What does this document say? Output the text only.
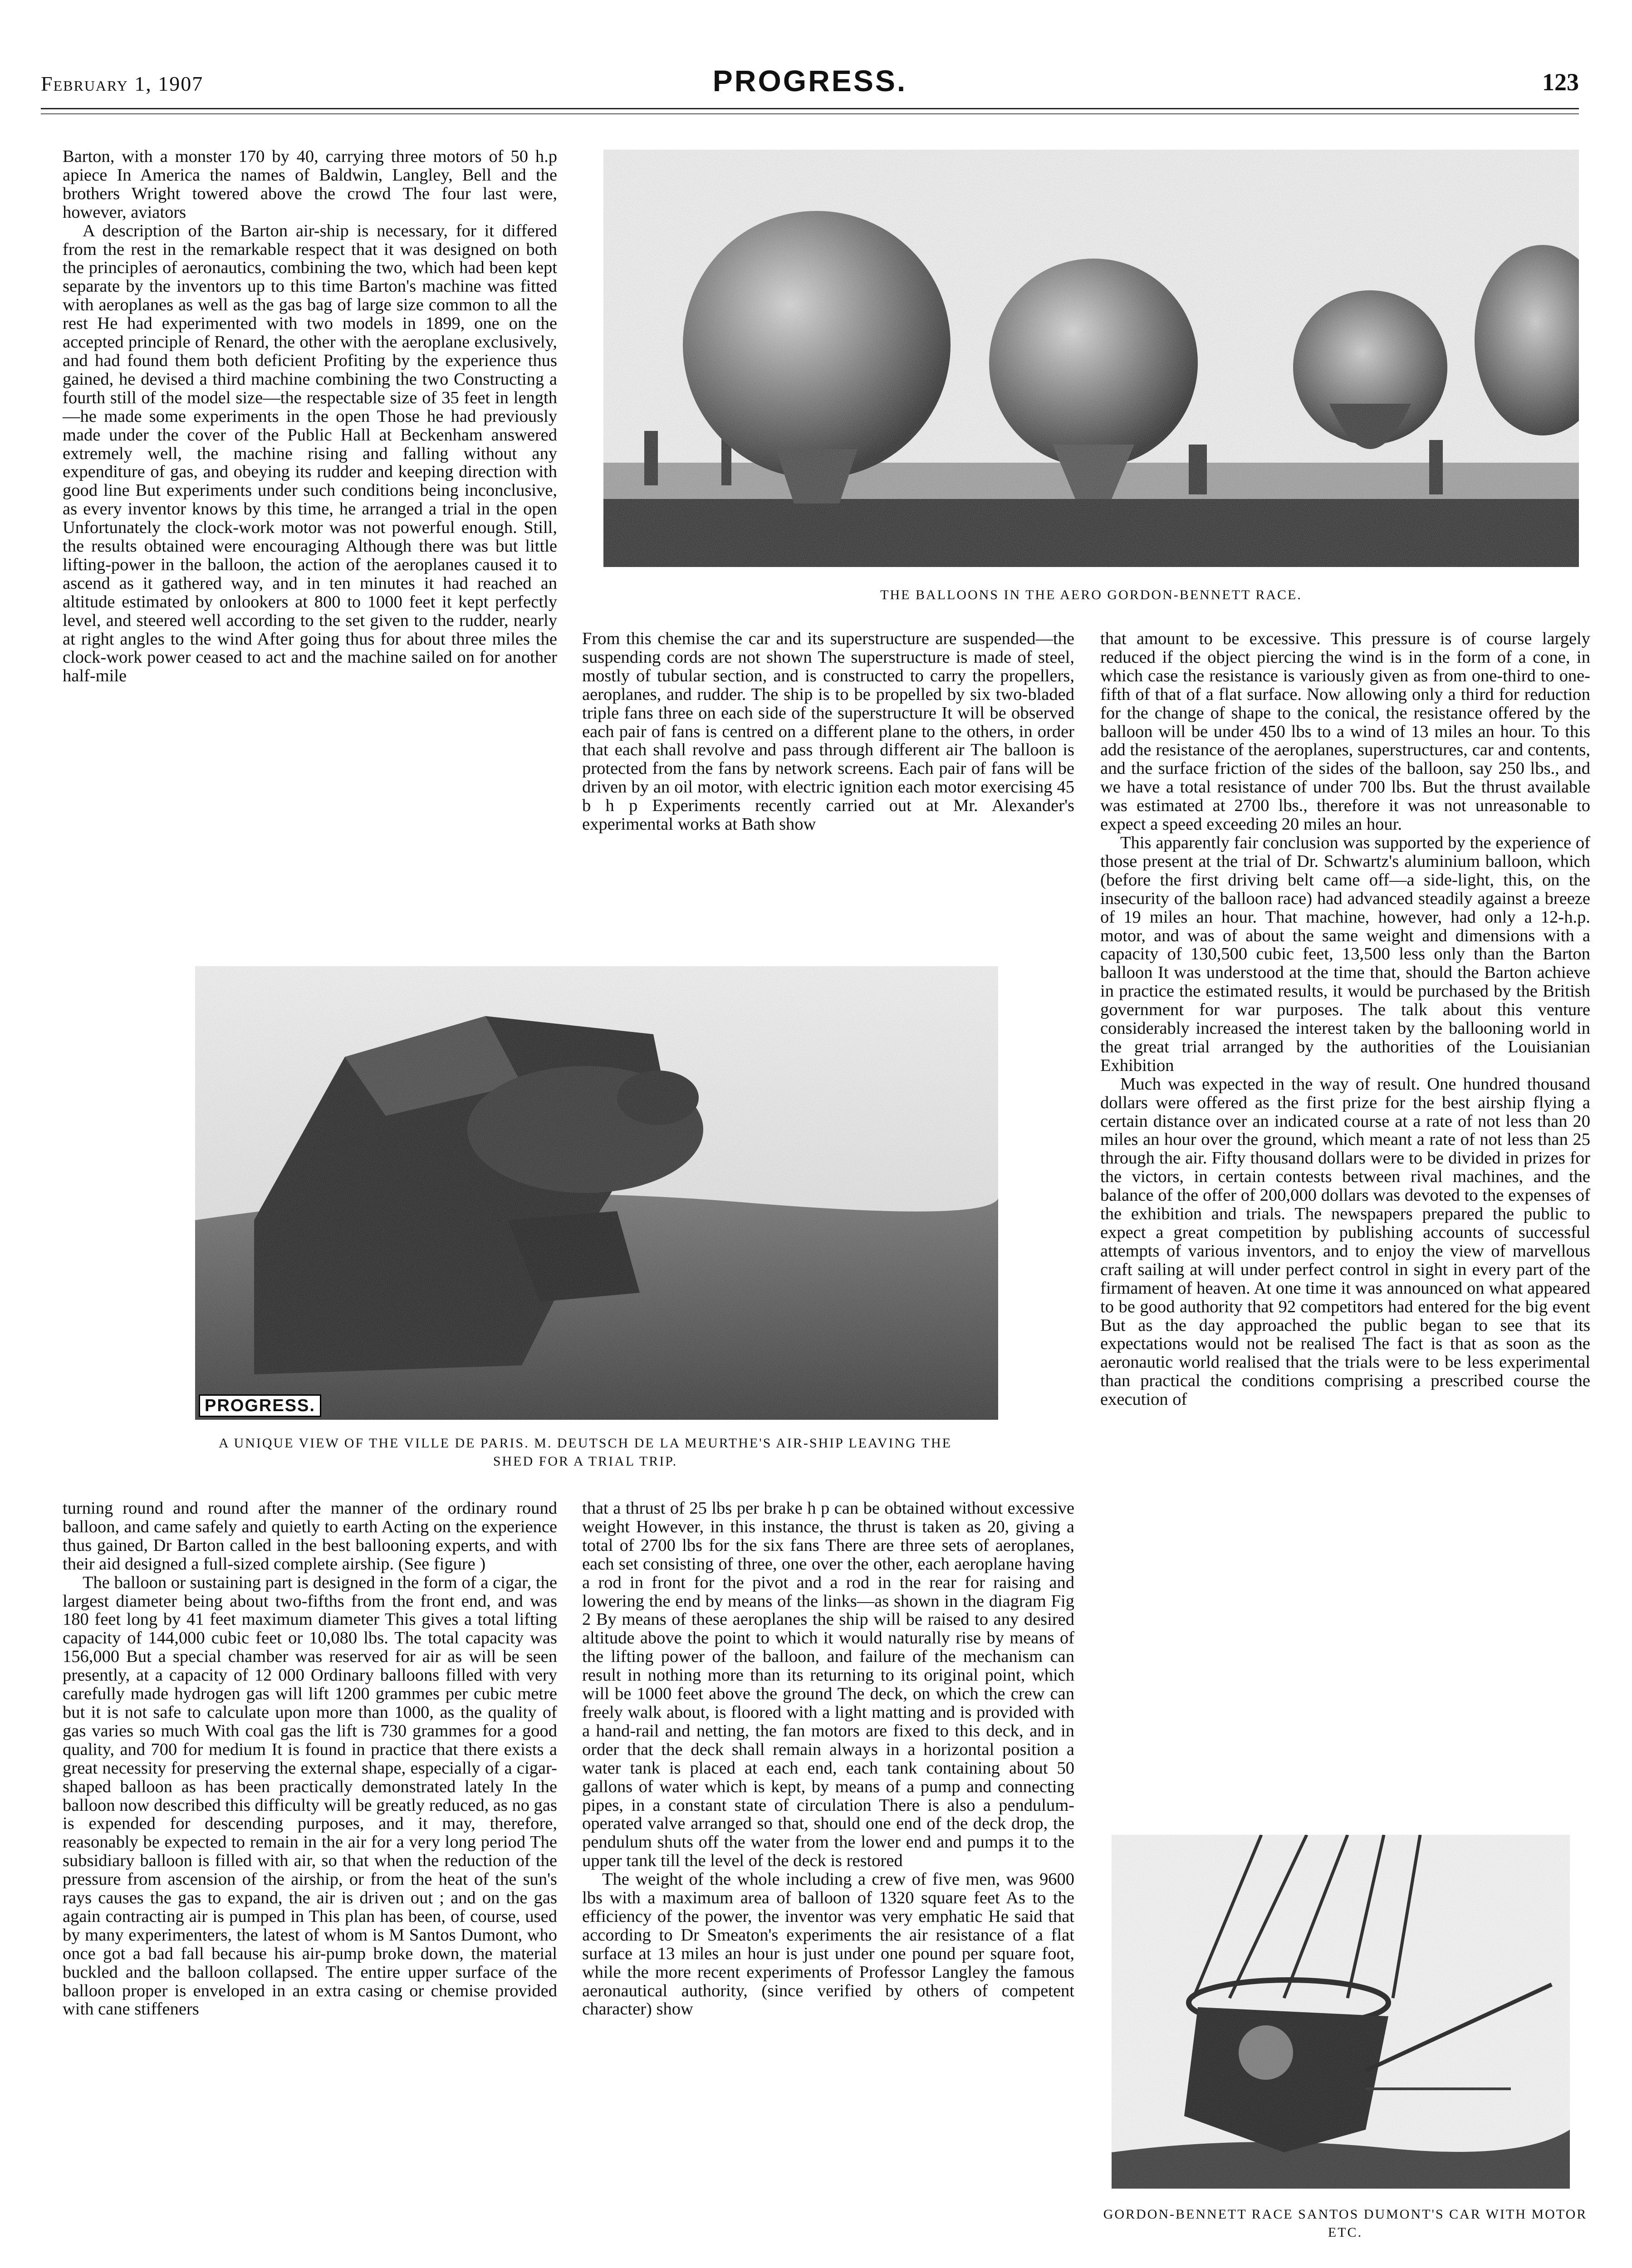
February 1, 1907	PROGRESS.	123
THE BALLOONS IN THE AERO GORDON-BENNETT RACE.

Barton, with a monster 170 by 40, carrying three motors of 50 h.p apiece In America the names of Baldwin, Langley, Bell and the brothers Wright towered above the crowd The four last were, however, aviators

A description of the Barton air-ship is necessary, for it differed from the rest in the remarkable respect that it was designed on both the principles of aeronautics, combining the two, which had been kept separate by the inventors up to this time Barton's machine was fitted with aeroplanes as well as the gas bag of large size common to all the rest He had experimented with two models in 1899, one on the accepted principle of Renard, the other with the aeroplane exclusively, and had found them both deficient Profiting by the experience thus gained, he devised a third machine combining the two Constructing a fourth still of the model size—the respectable size of 35 feet in length—he made some experiments in the open Those he had previously made under the cover of the Public Hall at Beckenham answered extremely well, the machine rising and falling without any expenditure of gas, and obeying its rudder and keeping direction with good line But experiments under such conditions being inconclusive, as every inventor knows by this time, he arranged a trial in the open Unfortunately the clock-work motor was not powerful enough. Still, the results obtained were encouraging Although there was but little lifting-power in the balloon, the action of the aeroplanes caused it to ascend as it gathered way, and in ten minutes it had reached an altitude estimated by onlookers at 800 to 1000 feet it kept perfectly level, and steered well according to the set given to the rudder, nearly at right angles to the wind After going thus for about three miles the clock-work power ceased to act and the machine sailed on for another half-mile

From this chemise the car and its superstructure are suspended—the suspending cords are not shown The superstructure is made of steel, mostly of tubular section, and is constructed to carry the propellers, aeroplanes, and rudder. The ship is to be propelled by six two-bladed triple fans three on each side of the superstructure It will be observed each pair of fans is centred on a different plane to the others, in order that each shall revolve and pass through different air The balloon is protected from the fans by network screens. Each pair of fans will be driven by an oil motor, with electric ignition each motor exercising 45 b h p Experiments recently carried out at Mr. Alexander's experimental works at Bath show

PROGRESS.
A UNIQUE VIEW OF THE VILLE DE PARIS. M. DEUTSCH DE LA MEURTHE'S AIR-SHIP LEAVING THE SHED FOR A TRIAL TRIP.

turning round and round after the manner of the ordinary round balloon, and came safely and quietly to earth Acting on the experience thus gained, Dr Barton called in the best ballooning experts, and with their aid designed a full-sized complete airship. (See figure )

The balloon or sustaining part is designed in the form of a cigar, the largest diameter being about two-fifths from the front end, and was 180 feet long by 41 feet maximum diameter This gives a total lifting capacity of 144,000 cubic feet or 10,080 lbs. The total capacity was 156,000 But a special chamber was reserved for air as will be seen presently, at a capacity of 12 000 Ordinary balloons filled with very carefully made hydrogen gas will lift 1200 grammes per cubic metre but it is not safe to calculate upon more than 1000, as the quality of gas varies so much With coal gas the lift is 730 grammes for a good quality, and 700 for medium It is found in practice that there exists a great necessity for preserving the external shape, especially of a cigar-shaped balloon as has been practically demonstrated lately In the balloon now described this difficulty will be greatly reduced, as no gas is expended for descending purposes, and it may, therefore, reasonably be expected to remain in the air for a very long period The subsidiary balloon is filled with air, so that when the reduction of the pressure from ascension of the airship, or from the heat of the sun's rays causes the gas to expand, the air is driven out ; and on the gas again contracting air is pumped in This plan has been, of course, used by many experimenters, the latest of whom is M Santos Dumont, who once got a bad fall because his air-pump broke down, the material buckled and the balloon collapsed. The entire upper surface of the balloon proper is enveloped in an extra casing or chemise provided with cane stiffeners

that a thrust of 25 lbs per brake h p can be obtained without excessive weight However, in this instance, the thrust is taken as 20, giving a total of 2700 lbs for the six fans There are three sets of aeroplanes, each set consisting of three, one over the other, each aeroplane having a rod in front for the pivot and a rod in the rear for raising and lowering the end by means of the links—as shown in the diagram Fig 2 By means of these aeroplanes the ship will be raised to any desired altitude above the point to which it would naturally rise by means of the lifting power of the balloon, and failure of the mechanism can result in nothing more than its returning to its original point, which will be 1000 feet above the ground The deck, on which the crew can freely walk about, is floored with a light matting and is provided with a hand-rail and netting, the fan motors are fixed to this deck, and in order that the deck shall remain always in a horizontal position a water tank is placed at each end, each tank containing about 50 gallons of water which is kept, by means of a pump and connecting pipes, in a constant state of circulation There is also a pendulum-operated valve arranged so that, should one end of the deck drop, the pendulum shuts off the water from the lower end and pumps it to the upper tank till the level of the deck is restored

The weight of the whole including a crew of five men, was 9600 lbs with a maximum area of balloon of 1320 square feet As to the efficiency of the power, the inventor was very emphatic He said that according to Dr Smeaton's experiments the air resistance of a flat surface at 13 miles an hour is just under one pound per square foot, while the more recent experiments of Professor Langley the famous aeronautical authority, (since verified by others of competent character) show

that amount to be excessive. This pressure is of course largely reduced if the object piercing the wind is in the form of a cone, in which case the resistance is variously given as from one-third to one-fifth of that of a flat surface. Now allowing only a third for reduction for the change of shape to the conical, the resistance offered by the balloon will be under 450 lbs to a wind of 13 miles an hour. To this add the resistance of the aeroplanes, superstructures, car and contents, and the surface friction of the sides of the balloon, say 250 lbs., and we have a total resistance of under 700 lbs. But the thrust available was estimated at 2700 lbs., therefore it was not unreasonable to expect a speed exceeding 20 miles an hour.

This apparently fair conclusion was supported by the experience of those present at the trial of Dr. Schwartz's aluminium balloon, which (before the first driving belt came off—a side-light, this, on the insecurity of the balloon race) had advanced steadily against a breeze of 19 miles an hour. That machine, however, had only a 12-h.p. motor, and was of about the same weight and dimensions with a capacity of 130,500 cubic feet, 13,500 less only than the Barton balloon It was understood at the time that, should the Barton achieve in practice the estimated results, it would be purchased by the British government for war purposes. The talk about this venture considerably increased the interest taken by the ballooning world in the great trial arranged by the authorities of the Louisianian Exhibition

Much was expected in the way of result. One hundred thousand dollars were offered as the first prize for the best airship flying a certain distance over an indicated course at a rate of not less than 20 miles an hour over the ground, which meant a rate of not less than 25 through the air. Fifty thousand dollars were to be divided in prizes for the victors, in certain contests between rival machines, and the balance of the offer of 200,000 dollars was devoted to the expenses of the exhibition and trials. The newspapers prepared the public to expect a great competition by publishing accounts of successful attempts of various inventors, and to enjoy the view of marvellous craft sailing at will under perfect control in sight in every part of the firmament of heaven. At one time it was announced on what appeared to be good authority that 92 competitors had entered for the big event But as the day approached the public began to see that its expectations would not be realised The fact is that as soon as the aeronautic world realised that the trials were to be less experimental than practical the conditions comprising a prescribed course the execution of

GORDON-BENNETT RACE SANTOS DUMONT'S CAR WITH MOTOR ETC.
